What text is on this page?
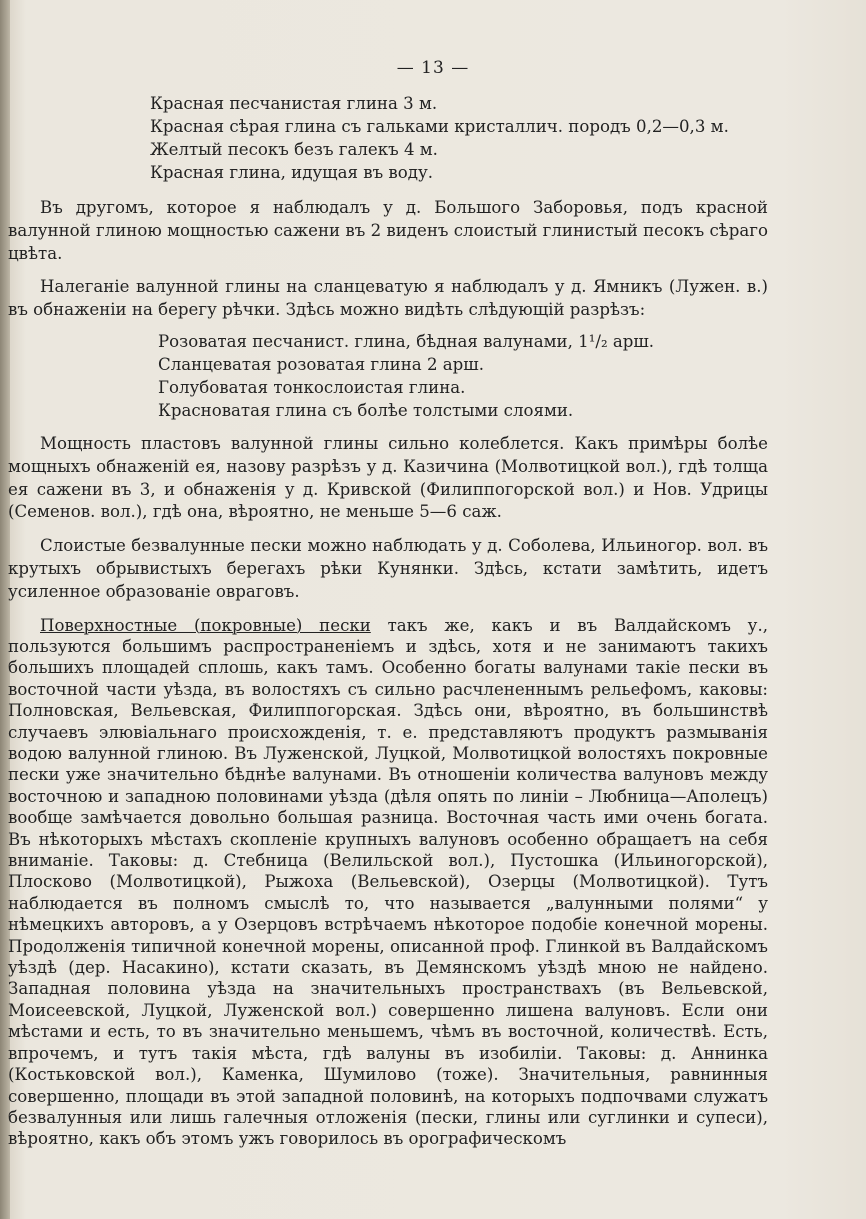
— 13 —
Красная песчанистая глина 3 м.
Красная сѣрая глина съ гальками кристаллич. породъ 0,2—0,3 м.
Желтый песокъ безъ галекъ 4 м.
Красная глина, идущая въ воду.

Въ другомъ, которое я наблюдалъ у д. Большого Заборовья, подъ красной валунной глиною мощностью сажени въ 2 виденъ слоистый глинистый песокъ сѣраго цвѣта.

Налеганіе валунной глины на сланцеватую я наблюдалъ у д. Ямникъ (Лужен. в.) въ обнаженіи на берегу рѣчки. Здѣсь можно видѣть слѣдующій разрѣзъ:

Розоватая песчанист. глина, бѣдная валунами, 1¹/₂ арш.
Сланцеватая розоватая глина 2 арш.
Голубоватая тонкослоистая глина.
Красноватая глина съ болѣе толстыми слоями.

Мощность пластовъ валунной глины сильно колеблется. Какъ примѣры болѣе мощныхъ обнаженій ея, назову разрѣзъ у д. Казичина (Молвотицкой вол.), гдѣ толща ея сажени въ 3, и обнаженія у д. Кривской (Филиппогорской вол.) и Нов. Удрицы (Семенов. вол.), гдѣ она, вѣроятно, не меньше 5—6 саж.

Слоистые безвалунные пески можно наблюдать у д. Соболева, Ильиногор. вол. въ крутыхъ обрывистыхъ берегахъ рѣки Кунянки. Здѣсь, кстати замѣтить, идетъ усиленное образованіе овраговъ.

Поверхностные (покровные) пески такъ же, какъ и въ Валдайскомъ у., пользуются большимъ распространеніемъ и здѣсь, хотя и не занимаютъ такихъ большихъ площадей сплошь, какъ тамъ. Особенно богаты валунами такіе пески въ восточной части уѣзда, въ волостяхъ съ сильно расчлененнымъ рельефомъ, каковы: Полновская, Вельевская, Филиппогорская. Здѣсь они, вѣроятно, въ большинствѣ случаевъ элювіальнаго происхожденія, т. е. представляютъ продуктъ размыванія водою валунной глиною. Въ Луженской, Луцкой, Молвотицкой волостяхъ покровные пески уже значительно бѣднѣе валунами. Въ отношеніи количества валуновъ между восточною и западною половинами уѣзда (дѣля опять по линіи – Любница—Аполецъ) вообще замѣчается довольно большая разница. Восточная часть ими очень богата. Въ нѣкоторыхъ мѣстахъ скопленіе крупныхъ валуновъ особенно обращаетъ на себя вниманіе. Таковы: д. Стебница (Велильской вол.), Пустошка (Ильиногорской), Плосково (Молвотицкой), Рыжоха (Вельевской), Озерцы (Молвотицкой). Тутъ наблюдается въ полномъ смыслѣ то, что называется „валунными полями“ у нѣмецкихъ авторовъ, а у Озерцовъ встрѣчаемъ нѣкоторое подобіе конечной морены. Продолженія типичной конечной морены, описанной проф. Глинкой въ Валдайскомъ уѣздѣ (дер. Насакино), кстати сказать, въ Демянскомъ уѣздѣ мною не найдено. Западная половина уѣзда на значительныхъ пространствахъ (въ Вельевской, Моисеевской, Луцкой, Луженской вол.) совершенно лишена валуновъ. Если они мѣстами и есть, то въ значительно меньшемъ, чѣмъ въ восточной, количествѣ. Есть, впрочемъ, и тутъ такія мѣста, гдѣ валуны въ изобиліи. Таковы: д. Аннинка (Костьковской вол.), Каменка, Шумилово (тоже). Значительныя, равнинныя совершенно, площади въ этой западной половинѣ, на которыхъ подпочвами служатъ безвалунныя или лишь галечныя отложенія (пески, глины или суглинки и супеси), вѣроятно, какъ объ этомъ ужъ говорилось въ орографическомъ
